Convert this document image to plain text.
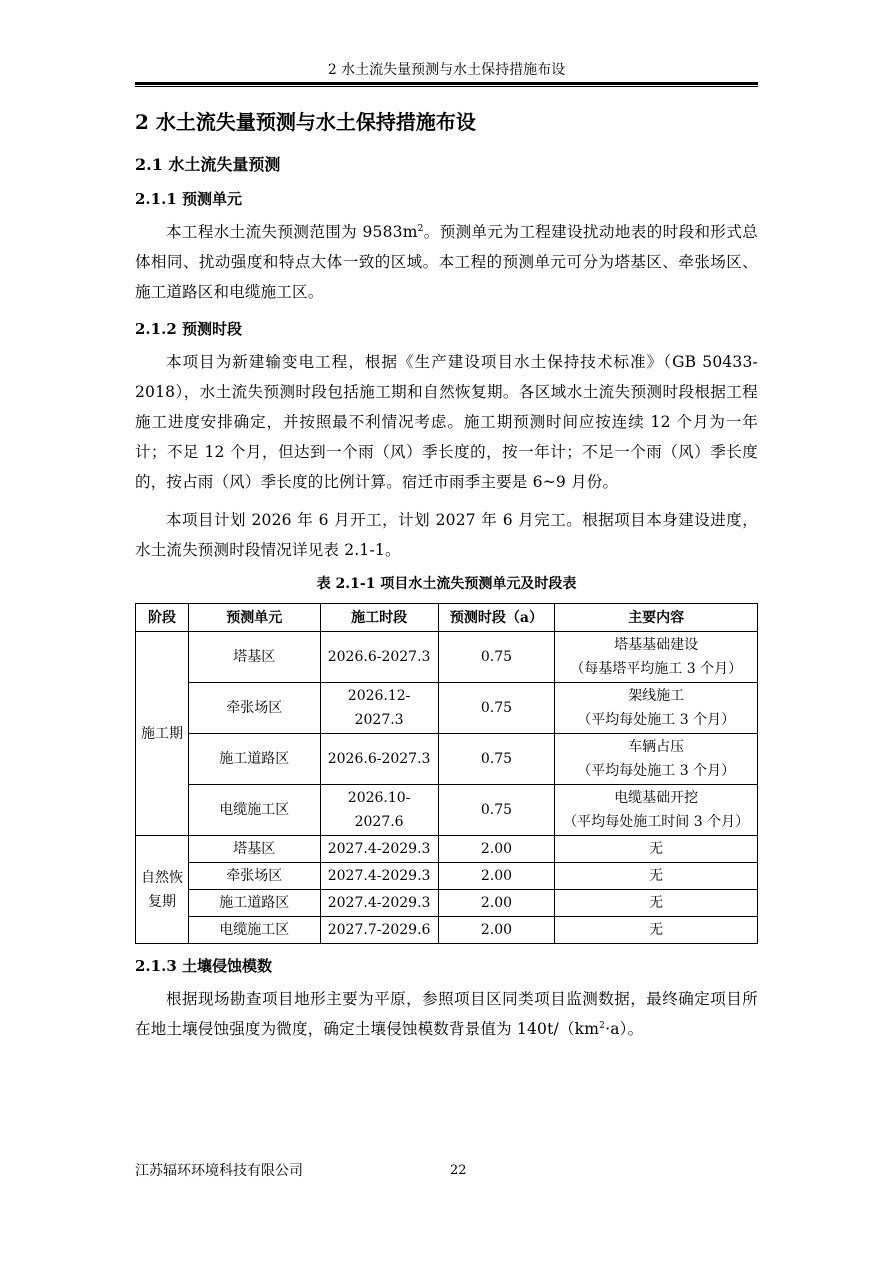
2 水土流失量预测与水土保持措施布设
2 水土流失量预测与水土保持措施布设
2.1 水土流失量预测
2.1.1 预测单元

本工程水土流失预测范围为 $9583m^2$。预测单元为工程建设扰动地表的时段和形式总体相同、扰动强度和特点大体一致的区域。本工程的预测单元可分为塔基区、牵张场区、施工道路区和电缆施工区。

2.1.2 预测时段

本项目为新建输变电工程，根据《生产建设项目水土保持技术标准》（GB 50433-2018），水土流失预测时段包括施工期和自然恢复期。各区域水土流失预测时段根据工程施工进度安排确定，并按照最不利情况考虑。施工期预测时间应按连续 12 个月为一年计；不足 12 个月，但达到一个雨（风）季长度的，按一年计；不足一个雨（风）季长度的，按占雨（风）季长度的比例计算。宿迁市雨季主要是 6~9 月份。

本项目计划 2026 年 6 月开工，计划 2027 年 6 月完工。根据项目本身建设进度，水土流失预测时段情况详见表 2.1-1。

表 2.1-1 项目水土流失预测单元及时段表
阶段	预测单元	施工时段	预测时段（a）	主要内容
施工期	塔基区	2026.6-2027.3	0.75	塔基基础建设
（每基塔平均施工 3 个月）

	牵张场区	2026.12-2027.3	0.75	架线施工
（平均每处施工 3 个月）

	施工道路区	2026.6-2027.3	0.75	车辆占压
（平均每处施工 3 个月）

	电缆施工区	2026.10-2027.6	0.75	电缆基础开挖
（平均每处施工时间 3 个月）

自然恢
复期	塔基区	2027.4-2029.3	2.00	无
	牵张场区	2027.4-2029.3	2.00	无
	施工道路区	2027.4-2029.3	2.00	无
	电缆施工区	2027.7-2029.6	2.00	无
2.1.3 土壤侵蚀模数

根据现场勘查项目地形主要为平原，参照项目区同类项目监测数据，最终确定项目所在地土壤侵蚀强度为微度，确定土壤侵蚀模数背景值为 $140t/(km^2\cdot a)$。

江苏辐环环境科技有限公司	22
